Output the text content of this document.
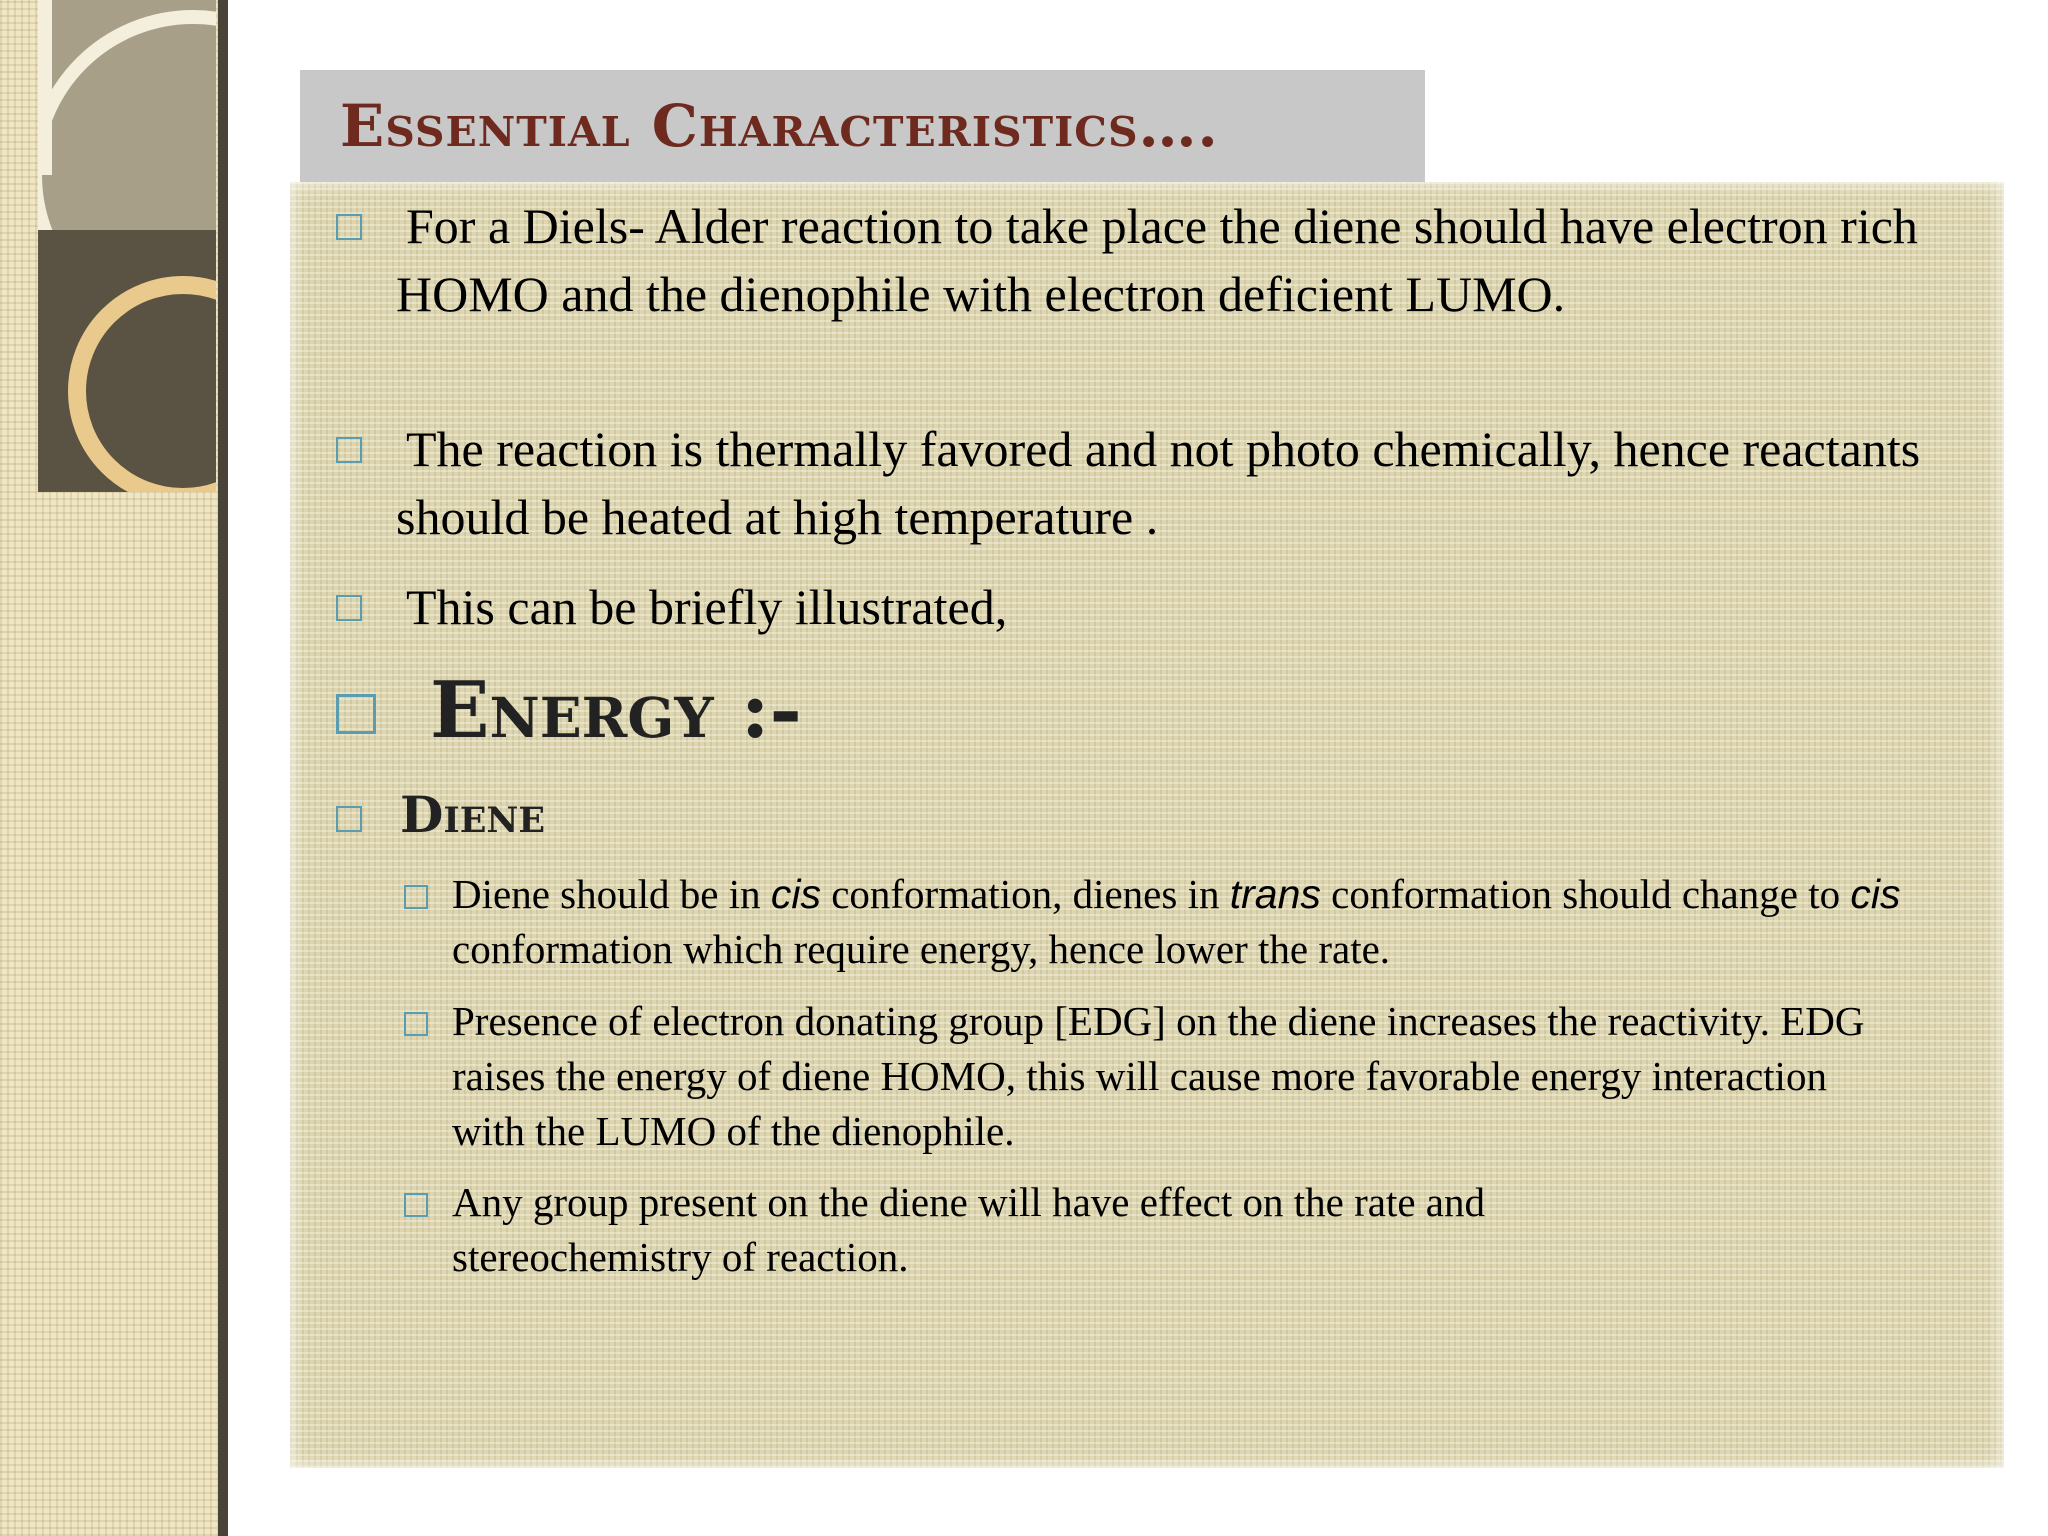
Essential Characteristics….
For a Diels- Alder reaction to take place the diene should have electron rich HOMO and the dienophile with electron deficient LUMO.
The reaction is thermally favored and not photo chemically, hence reactants should be heated at high temperature .
This can be briefly illustrated,
Energy :-
Diene
Diene should be in cis conformation, dienes in trans conformation should change to cis conformation which require energy, hence lower the rate.
Presence of electron donating group [EDG] on the diene increases the reactivity. EDG raises the energy of diene HOMO, this will cause more favorable energy interaction with the LUMO of the dienophile.
Any group present on the diene will have effect on the rate and stereochemistry of reaction.
